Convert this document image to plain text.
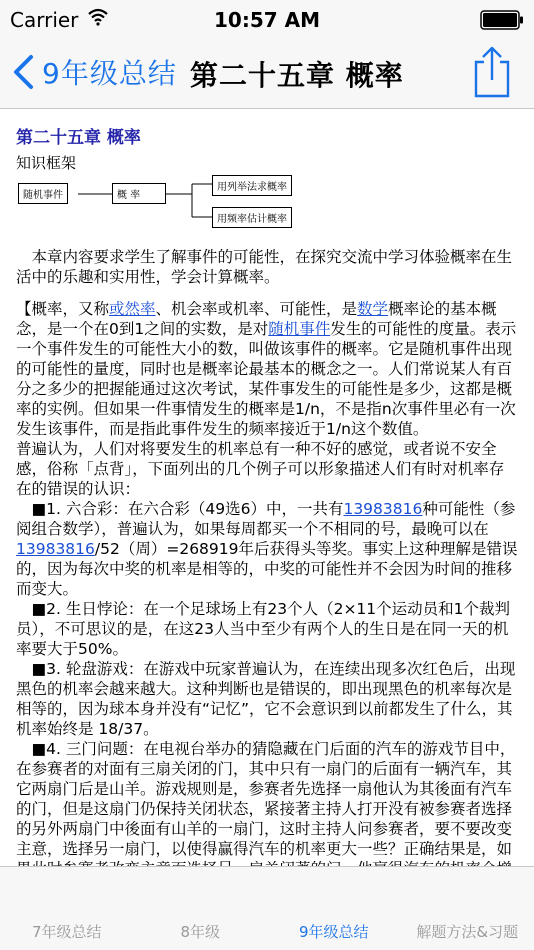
Carrier	10:57 AM
9年级总结 第二十五章 概率
第二十五章 概率
知识框架
随机事件	概 率
用列举法求概率
用频率估计概率

本章内容要求学生了解事件的可能性，在探究交流中学习体验概率在生活中的乐趣和实用性，学会计算概率。

【概率，又称或然率、机会率或机率、可能性，是数学概率论的基本概念，是一个在0到1之间的实数，是对随机事件发生的可能性的度量。表示一个事件发生的可能性大小的数，叫做该事件的概率。它是随机事件出现的可能性的量度，同时也是概率论最基本的概念之一。人们常说某人有百分之多少的把握能通过这次考试，某件事发生的可能性是多少，这都是概率的实例。但如果一件事情发生的概率是1/n，不是指n次事件里必有一次发生该事件，而是指此事件发生的频率接近于1/n这个数值。

普遍认为，人们对将要发生的机率总有一种不好的感觉，或者说不安全感，俗称「点背」，下面列出的几个例子可以形象描述人们有时对机率存在的错误的认识：

■1. 六合彩：在六合彩（49选6）中，一共有13983816种可能性（参阅组合数学），普遍认为，如果每周都买一个不相同的号，最晚可以在13983816/52（周）=268919年后获得头等奖。事实上这种理解是错误的，因为每次中奖的机率是相等的，中奖的可能性并不会因为时间的推移而变大。

■2. 生日悖论：在一个足球场上有23个人（2×11个运动员和1个裁判员），不可思议的是，在这23人当中至少有两个人的生日是在同一天的机率要大于50%。

■3. 轮盘游戏：在游戏中玩家普遍认为，在连续出现多次红色后，出现黑色的机率会越来越大。这种判断也是错误的，即出现黑色的机率每次是相等的，因为球本身并没有“记忆”，它不会意识到以前都发生了什么，其机率始终是 18/37。

■4. 三门问题：在电视台举办的猜隐藏在门后面的汽车的游戏节目中，在参赛者的对面有三扇关闭的门，其中只有一扇门的后面有一辆汽车，其它两扇门后是山羊。游戏规则是，参赛者先选择一扇他认为其後面有汽车的门，但是这扇门仍保持关闭状态，紧接著主持人打开没有被参赛者选择的另外两扇门中後面有山羊的一扇门，这时主持人问参赛者，要不要改变主意，选择另一扇门，以使得赢得汽车的机率更大一些？正确结果是，如

7年级总结	8年级	9年级总结	解题方法&习题
